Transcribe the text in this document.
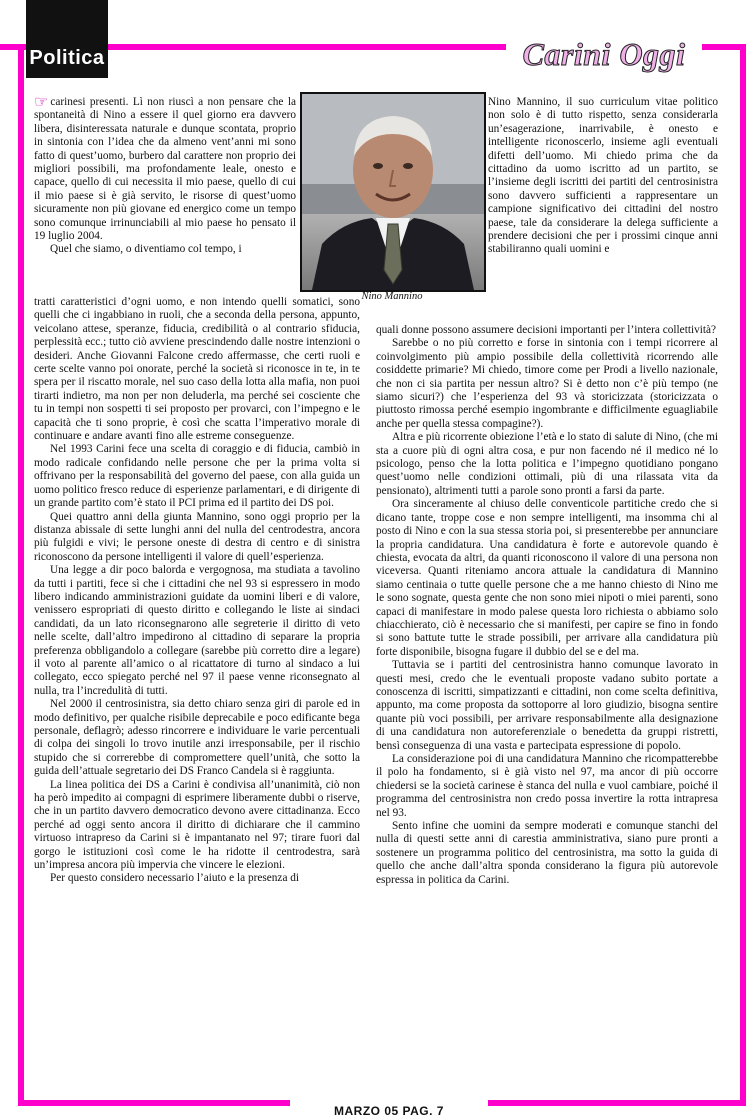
Politica	Carini Oggi
Nino Mannino

☞ carinesi presenti. Lì non riuscì a non pensare che la spontaneità di Nino a essere il quel giorno era davvero libera, disinteressata naturale e dunque scontata, proprio in sintonia con l’idea che da almeno vent’anni mi sono fatto di quest’uomo, burbero dal carattere non proprio dei migliori possibili, ma profondamente leale, onesto e capace, quello di cui necessita il mio paese, quello di cui il mio paese si è già servito, le risorse di quest’uomo sicuramente non più giovane ed energico come un tempo sono comunque irrinunciabili al mio paese ho pensato il 19 luglio 2004.

Quel che siamo, o diventiamo col tempo, i

tratti caratteristici d’ogni uomo, e non intendo quelli somatici, sono quelli che ci ingabbiano in ruoli, che a seconda della persona, appunto, veicolano attese, speranze, fiducia, credibilità o al contrario sfiducia, perplessità ecc.; tutto ciò avviene prescindendo dalle nostre intenzioni o desideri. Anche Giovanni Falcone credo affermasse, che certi ruoli e certe scelte vanno poi onorate, perché la società si riconosce in te, in te spera per il riscatto morale, nel suo caso della lotta alla mafia, non puoi tirarti indietro, ma non per non deluderla, ma perché sei cosciente che tu in tempi non sospetti ti sei proposto per provarci, con l’impegno e le capacità che ti sono proprie, è così che scatta l’imperativo morale di continuare e andare avanti fino alle estreme conseguenze.

Nel 1993 Carini fece una scelta di coraggio e di fiducia, cambiò in modo radicale confidando nelle persone che per la prima volta si offrivano per la responsabilità del governo del paese, con alla guida un uomo politico fresco reduce di esperienze parlamentari, e di dirigente di un grande partito com’è stato il PCI prima ed il partito dei DS poi.

Quei quattro anni della giunta Mannino, sono oggi proprio per la distanza abissale di sette lunghi anni del nulla del centrodestra, ancora più fulgidi e vivi; le persone oneste di destra di centro e di sinistra riconoscono da persone intelligenti il valore di quell’esperienza.

Una legge a dir poco balorda e vergognosa, ma studiata a tavolino da tutti i partiti, fece sì che i cittadini che nel 93 si espressero in modo libero indicando amministrazioni guidate da uomini liberi e di valore, venissero espropriati di questo diritto e collegando le liste ai sindaci candidati, da un lato riconsegnarono alle segreterie il diritto di veto nelle scelte, dall’altro impedirono al cittadino di separare la propria preferenza obbligandolo a collegare (sarebbe più corretto dire a legare) il voto al parente all’amico o al ricattatore di turno al sindaco a lui collegato, ecco spiegato perché nel 97 il paese venne riconsegnato al nulla, tra l’incredulità di tutti.

Nel 2000 il centrosinistra, sia detto chiaro senza giri di parole ed in modo definitivo, per qualche risibile deprecabile e poco edificante bega personale, deflagrò; adesso rincorrere e individuare le varie percentuali di colpa dei singoli lo trovo inutile anzi irresponsabile, per il rischio stupido che si correrebbe di compromettere quell’unità, che sotto la guida dell’attuale segretario dei DS Franco Candela si è raggiunta.

La linea politica dei DS a Carini è condivisa all’unanimità, ciò non ha però impedito ai compagni di esprimere liberamente dubbi o riserve, che in un partito davvero democratico devono avere cittadinanza. Ecco perché ad oggi sento ancora il diritto di dichiarare che il cammino virtuoso intrapreso da Carini si è impantanato nel 97; tirare fuori dal gorgo le istituzioni così come le ha ridotte il centrodestra, sarà un’impresa ancora più impervia che vincere le elezioni.

Per questo considero necessario l’aiuto e la presenza di

Nino Mannino, il suo curriculum vitae politico non solo è di tutto rispetto, senza considerarla un’esagerazione, inarrivabile, è onesto e intelligente riconoscerlo, insieme agli eventuali difetti dell’uomo. Mi chiedo prima che da cittadino da uomo iscritto ad un partito, se l’insieme degli iscritti dei partiti del centrosinistra sono davvero sufficienti a rappresentare un campione significativo dei cittadini del nostro paese, tale da considerare la delega sufficiente a prendere decisioni che per i prossimi cinque anni stabiliranno quali uomini e

quali donne possono assumere decisioni importanti per l’intera collettività?

Sarebbe o no più corretto e forse in sintonia con i tempi ricorrere al coinvolgimento più ampio possibile della collettività ricorrendo alle cosiddette primarie? Mi chiedo, timore come per Prodi a livello nazionale, che non ci sia partita per nessun altro? Si è detto non c’è più tempo (ne siamo sicuri?) che l’esperienza del 93 và storicizzata (storicizzata o piuttosto rimossa perché esempio ingombrante e difficilmente eguagliabile anche per quella stessa compagine?).

Altra e più ricorrente obiezione l’età e lo stato di salute di Nino, (che mi sta a cuore più di ogni altra cosa, e pur non facendo né il medico né lo psicologo, penso che la lotta politica e l’impegno quotidiano pongano quest’uomo nelle condizioni ottimali, più di una rilassata vita da pensionato), altrimenti tutti a parole sono pronti a farsi da parte.

Ora sinceramente al chiuso delle conventicole partitiche credo che si dicano tante, troppe cose e non sempre intelligenti, ma insomma chi al posto di Nino e con la sua stessa storia poi, si presenterebbe per annunciare la propria candidatura. Una candidatura è forte e autorevole quando è chiesta, evocata da altri, da quanti riconoscono il valore di una persona non viceversa. Quanti riteniamo ancora attuale la candidatura di Mannino siamo centinaia o tutte quelle persone che a me hanno chiesto di Nino me le sono sognate, questa gente che non sono miei nipoti o miei parenti, sono capaci di manifestare in modo palese questa loro richiesta o abbiamo solo chiacchierato, ciò è necessario che si manifesti, per capire se fino in fondo si sono battute tutte le strade possibili, per arrivare alla candidatura più forte disponibile, bisogna fugare il dubbio del se e del ma.

Tuttavia se i partiti del centrosinistra hanno comunque lavorato in questi mesi, credo che le eventuali proposte vadano subito portate a conoscenza di iscritti, simpatizzanti e cittadini, non come scelta definitiva, appunto, ma come proposta da sottoporre al loro giudizio, bisogna sentire quante più voci possibili, per arrivare responsabilmente alla designazione di una candidatura non autoreferenziale o benedetta da gruppi ristretti, bensì conseguenza di una vasta e partecipata espressione di popolo.

La considerazione poi di una candidatura Mannino che ricompatterebbe il polo ha fondamento, si è già visto nel 97, ma ancor di più occorre chiedersi se la società carinese è stanca del nulla e vuol cambiare, poiché il programma del centrosinistra non credo possa invertire la rotta intrapresa nel 93.

Sento infine che uomini da sempre moderati e comunque stanchi del nulla di questi sette anni di carestia amministrativa, siano pure pronti a sostenere un programma politico del centrosinistra, ma sotto la guida di quello che anche dall’altra sponda considerano la figura più autorevole espressa in politica da Carini.

MARZO 05 PAG. 7
